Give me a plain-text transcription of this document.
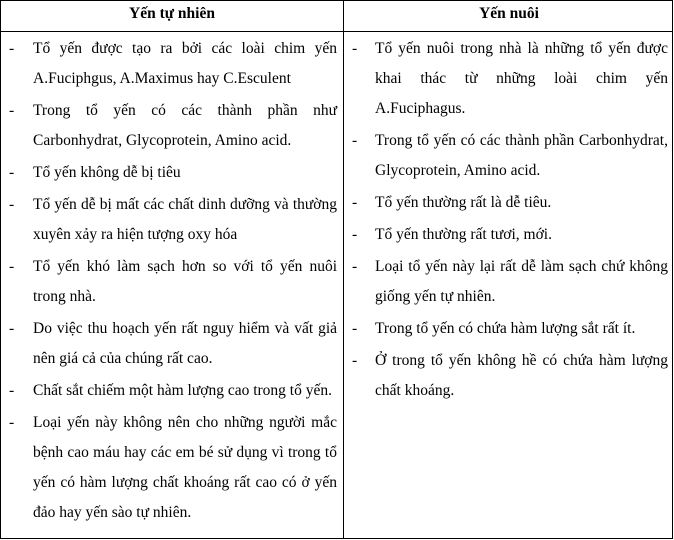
Yến tự nhiên	Yến nuôi
- Tổ yến được tạo ra bởi các loài chim yến A.Fuciphgus, A.Maximus hay C.Esculent
- Trong tổ yến có các thành phần như Carbonhydrat, Glycoprotein, Amino acid.
- Tổ yến không dễ bị tiêu
- Tổ yến dễ bị mất các chất dinh dưỡng và thường xuyên xảy ra hiện tượng oxy hóa
- Tổ yến khó làm sạch hơn so với tổ yến nuôi trong nhà.
- Do việc thu hoạch yến rất nguy hiểm và vất giả nên giá cả của chúng rất cao.
- Chất sắt chiếm một hàm lượng cao trong tổ yến.
- Loại yến này không nên cho những người mắc bệnh cao máu hay các em bé sử dụng vì trong tổ yến có hàm lượng chất khoáng rất cao có ở yến đảo hay yến sào tự nhiên.
- Tổ yến nuôi trong nhà là những tổ yến được khai thác từ những loài chim yến A.Fuciphagus.
- Trong tổ yến có các thành phần Carbonhydrat, Glycoprotein, Amino acid.
- Tổ yến thường rất là dễ tiêu.
- Tổ yến thường rất tươi, mới.
- Loại tổ yến này lại rất dễ làm sạch chứ không giống yến tự nhiên.
- Trong tổ yến có chứa hàm lượng sắt rất ít.
- Ở trong tổ yến không hề có chứa hàm lượng chất khoáng.
